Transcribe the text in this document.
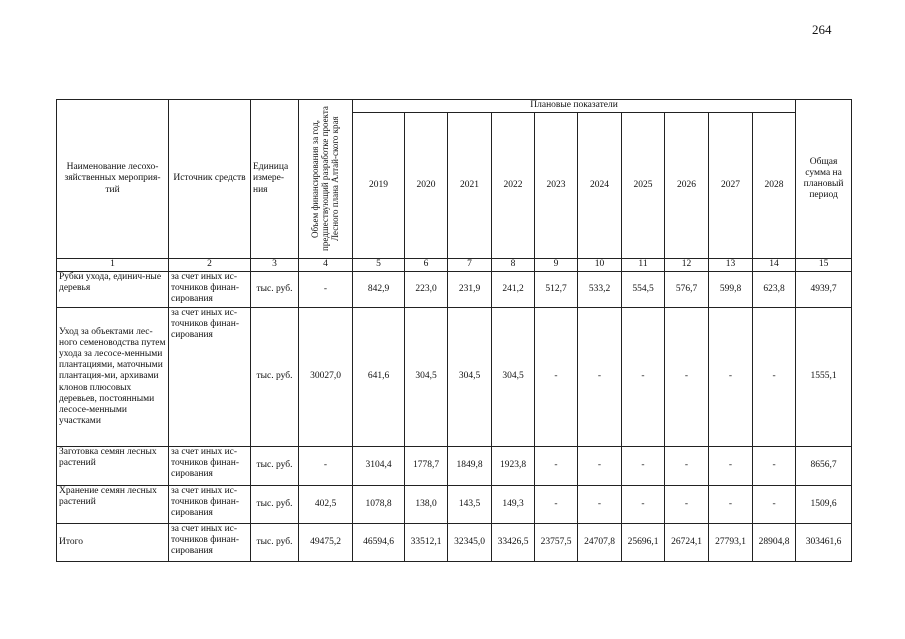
264
Наименование лесохо-зяйственных мероприя-тий	Источник средств	Единица измере-ния	Объем финансирования за год, предшествующий разработке проекта Лесного плана Алтай-ского края	Плановые показатели										Общая сумма на плановый период
				2019	2020	2021	2022	2023	2024	2025	2026	2027	2028	
1	2	3	4	5	6	7	8	9	10	11	12	13	14	15
Рубки ухода, единич-ные деревья	за счет иных ис-точников финан-сирования	тыс. руб.	-	842,9	223,0	231,9	241,2	512,7	533,2	554,5	576,7	599,8	623,8	4939,7
Уход за объектами лес-ного семеноводства путем ухода за лесосе-менными плантациями, маточными плантация-ми, архивами клонов плюсовых деревьев, постоянными лесосе-менными участками	за счет иных ис-точников финан-сирования	тыс. руб.	30027,0	641,6	304,5	304,5	304,5	-	-	-	-	-	-	1555,1
Заготовка семян лесных растений	за счет иных ис-точников финан-сирования	тыс. руб.	-	3104,4	1778,7	1849,8	1923,8	-	-	-	-	-	-	8656,7
Хранение семян лесных растений	за счет иных ис-точников финан-сирования	тыс. руб.	402,5	1078,8	138,0	143,5	149,3	-	-	-	-	-	-	1509,6
Итого	за счет иных ис-точников финан-сирования	тыс. руб.	49475,2	46594,6	33512,1	32345,0	33426,5	23757,5	24707,8	25696,1	26724,1	27793,1	28904,8	303461,6
